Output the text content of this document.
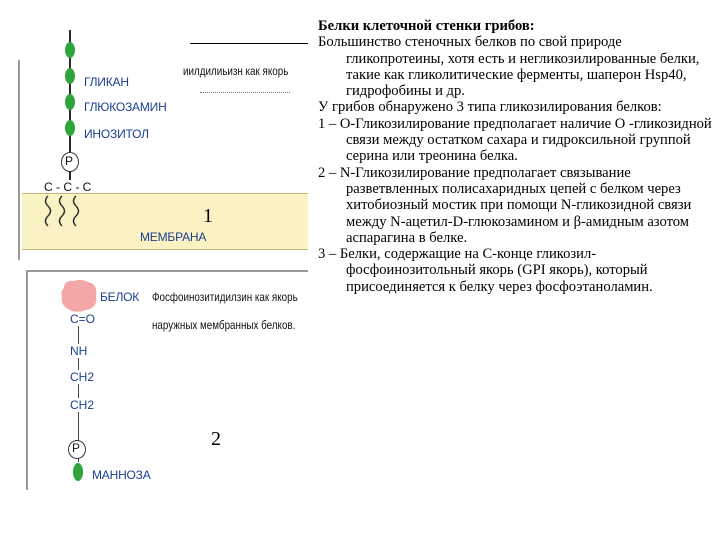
P
ГЛИКАН
ГЛЮКОЗАМИН
ИНОЗИТОЛ
C - C - C
МЕМБРАНА
1
иилдилиьизн как якорь
БЕЛОК
C=O
NH
CH2
CH2
P
МАННОЗА
2
Фосфоинозитидилзин как якорь
наружных мембранных белков.

Белки клеточной стенки грибов:

Большинство стеночных белков по свой природе гликопротеины, хотя есть и негликозилированные белки, такие как гликолитические ферменты, шаперон Hsp40, гидрофобины и др.

У грибов обнаружено 3 типа гликозилирования белков:

1 – О-Гликозилирование предполагает наличие О -гликозидной связи между остатком сахара и гидроксильной группой серина или треонина белка.

2 – N-Гликозилирование предполагает связывание разветвленных полисахаридных цепей с белком через хитобиозный мостик при помощи N-гликозидной связи между N-ацетил-D-глюкозамином и β-амидным азотом аспарагина в белке.

3 – Белки, содержащие на С-конце гликозил-фосфоинозитольный якорь (GPI якорь), который присоединяется к белку через фосфоэтаноламин.
